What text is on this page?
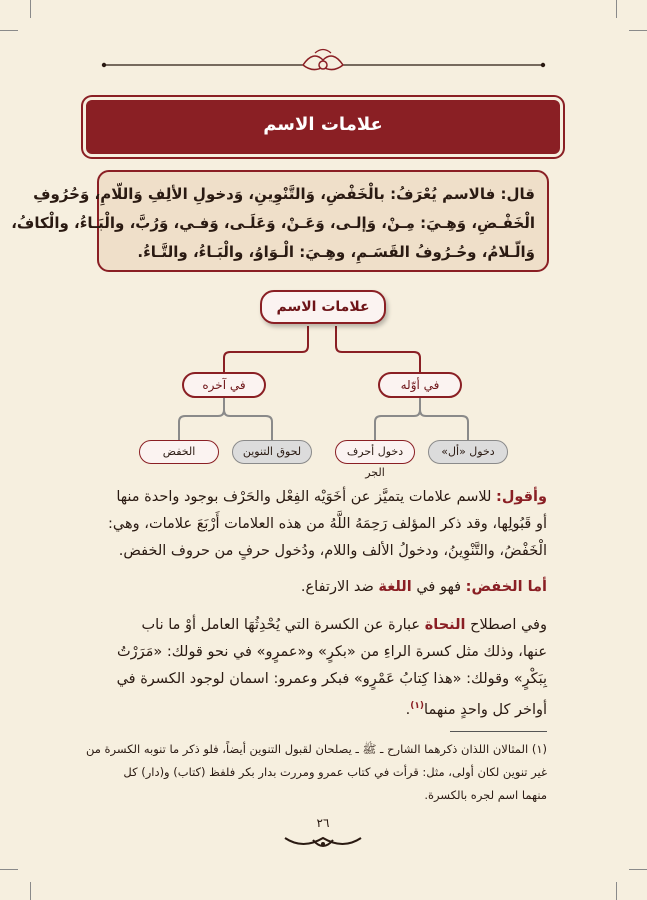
علامات الاسم
قال: فالاسم يُعْرَفُ: بالْخَفْضِ، وَالتَّنْوِينِ، وَدخولِ الألِفِ وَاللّامِ، وَحُرُوفِ
الْخَفْـضِ، وَهِـيَ: مِـنْ، وَإلـى، وَعَـنْ، وَعَلَـى، وَفـي، وَرُبَّ، والْبَـاءُ، والْكافُ،
وَالّـلامُ، وحُـرُوفُ القَسَـمِ، وهِـيَ: الْـوَاوُ، والْبَـاءُ، والتَّـاءُ.
علامات الاسم
في أوّله
في آخره
دخول «أل»
دخول أحرف الجر
لحوق التنوين
الخفض
وأقول: للاسم علامات يتميَّز عن أخَوَيْه الفِعْل والحَرْف بوجود واحدة منها
أو قَبُولِها، وقد ذكر المؤلف رَحِمَهُ اللَّهُ من هذه العلامات أَرْبَعَ علامات، وهي:
الْخَفْضُ، والتَّنْوِينُ، ودخولُ الألف واللام، ودُخول حرفٍ من حروف الخفض.
أما الخفض: فهو في اللغة ضد الارتفاع.
وفي اصطلاح النحاة عبارة عن الكسرة التي يُحْدِثُهَا العامل أوْ ما ناب
عنها، وذلك مثل كسرة الراءِ من «بكرٍ» و«عمرٍو» في نحو قولك: «مَرَرْتُ
بِبَكْرٍ» وقولك: «هذا كِتابُ عَمْرٍو» فبكر وعمرو: اسمان لوجود الكسرة في
أواخر كل واحدٍ منهما$^{(١)}$.
(١) المثالان اللذان ذكرهما الشارح ـ ﷺ ـ يصلحان لقبول التنوين أيضاً، فلو ذكر ما تنوبه الكسرة من
غير تنوين لكان أولى، مثل: قرأت في كتاب عمرو ومررت بدار بكر فلفظ (كتاب) و(دار) كل
منهما اسم لجره بالكسرة.
٢٦
